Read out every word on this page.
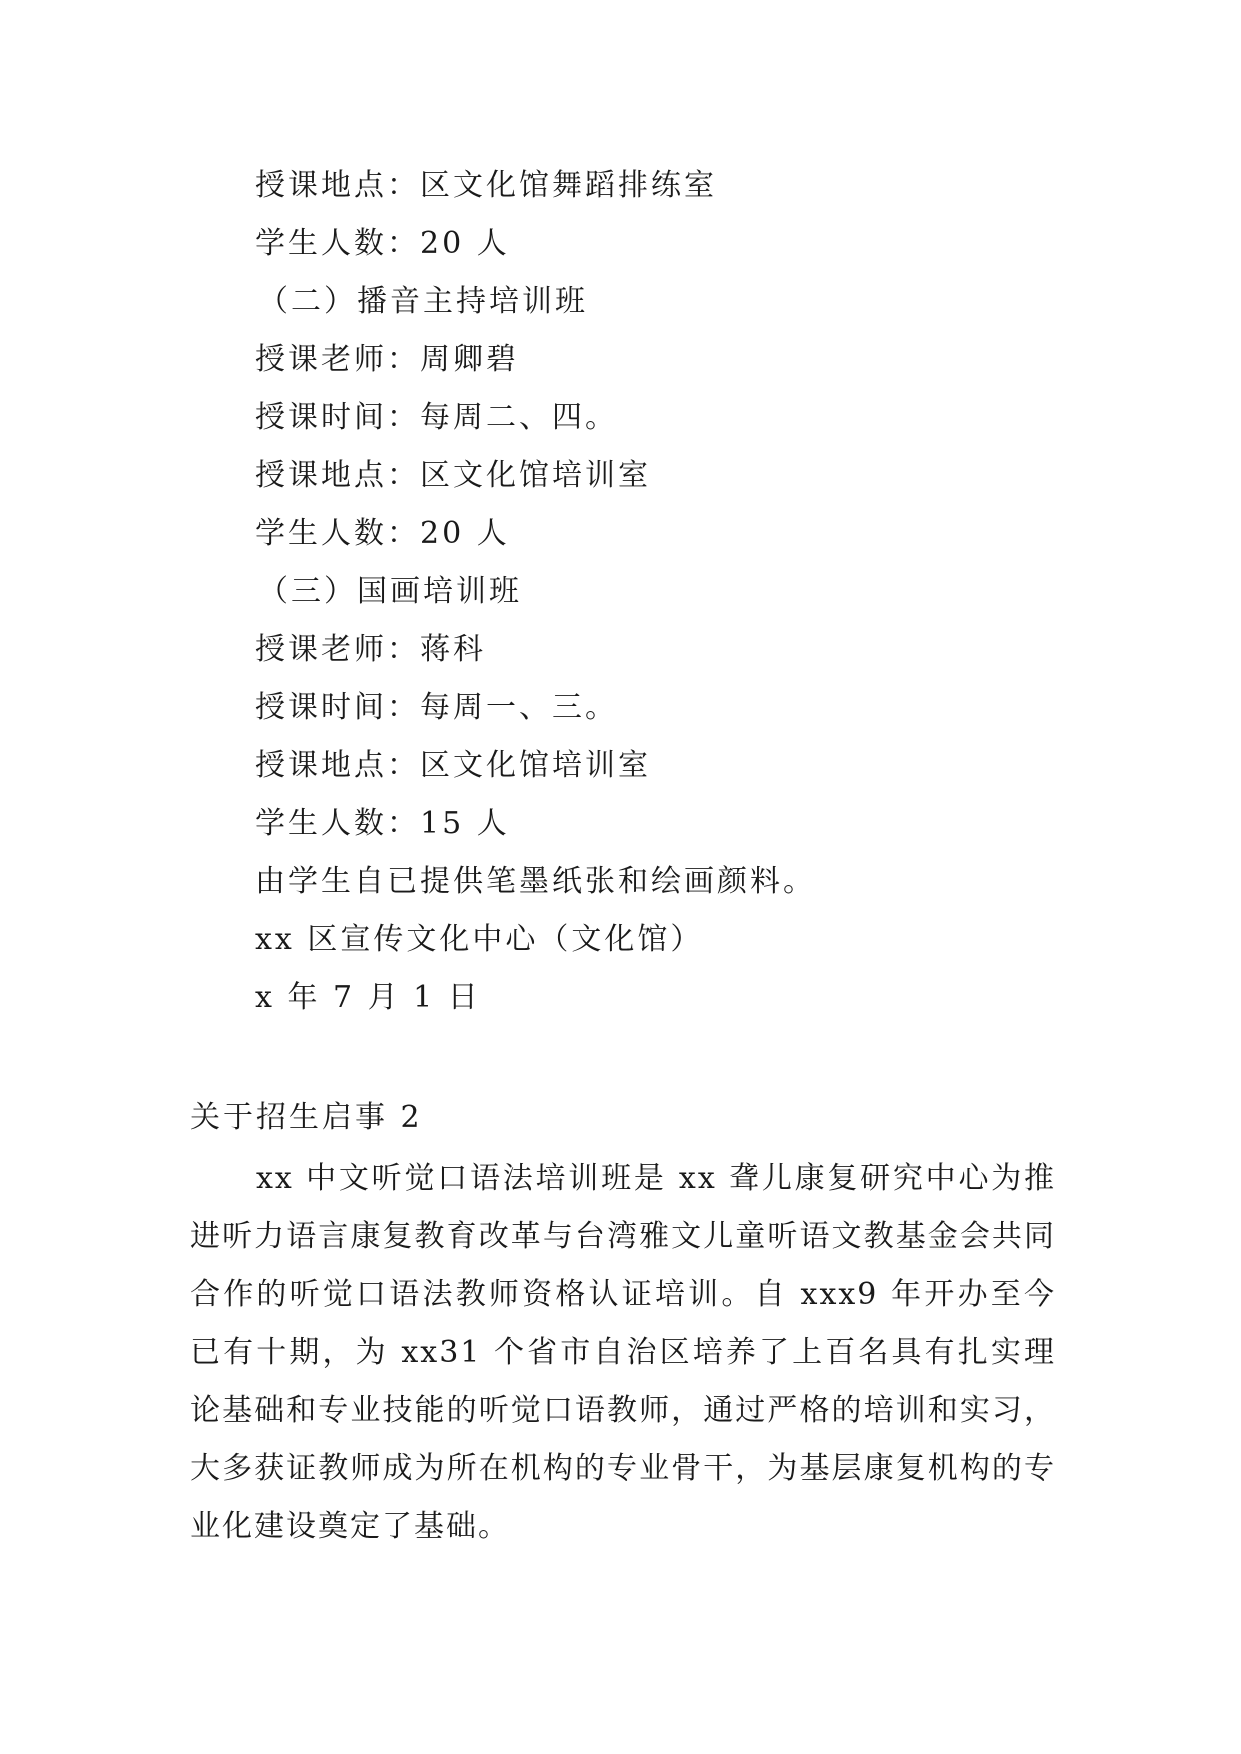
授课地点：区文化馆舞蹈排练室
学生人数：20 人
（二）播音主持培训班
授课老师：周卿碧
授课时间：每周二、四。
授课地点：区文化馆培训室
学生人数：20 人
（三）国画培训班
授课老师：蒋科
授课时间：每周一、三。
授课地点：区文化馆培训室
学生人数：15 人
由学生自已提供笔墨纸张和绘画颜料。
xx 区宣传文化中心（文化馆）
x 年 7 月 1 日
关于招生启事 2
xx 中文听觉口语法培训班是 xx 聋儿康复研究中心为推进听力语言康复教育改革与台湾雅文儿童听语文教基金会共同合作的听觉口语法教师资格认证培训。自 xxx9 年开办至今已有十期，为 xx31 个省市自治区培养了上百名具有扎实理论基础和专业技能的听觉口语教师，通过严格的培训和实习，大多获证教师成为所在机构的专业骨干，为基层康复机构的专业化建设奠定了基础。
